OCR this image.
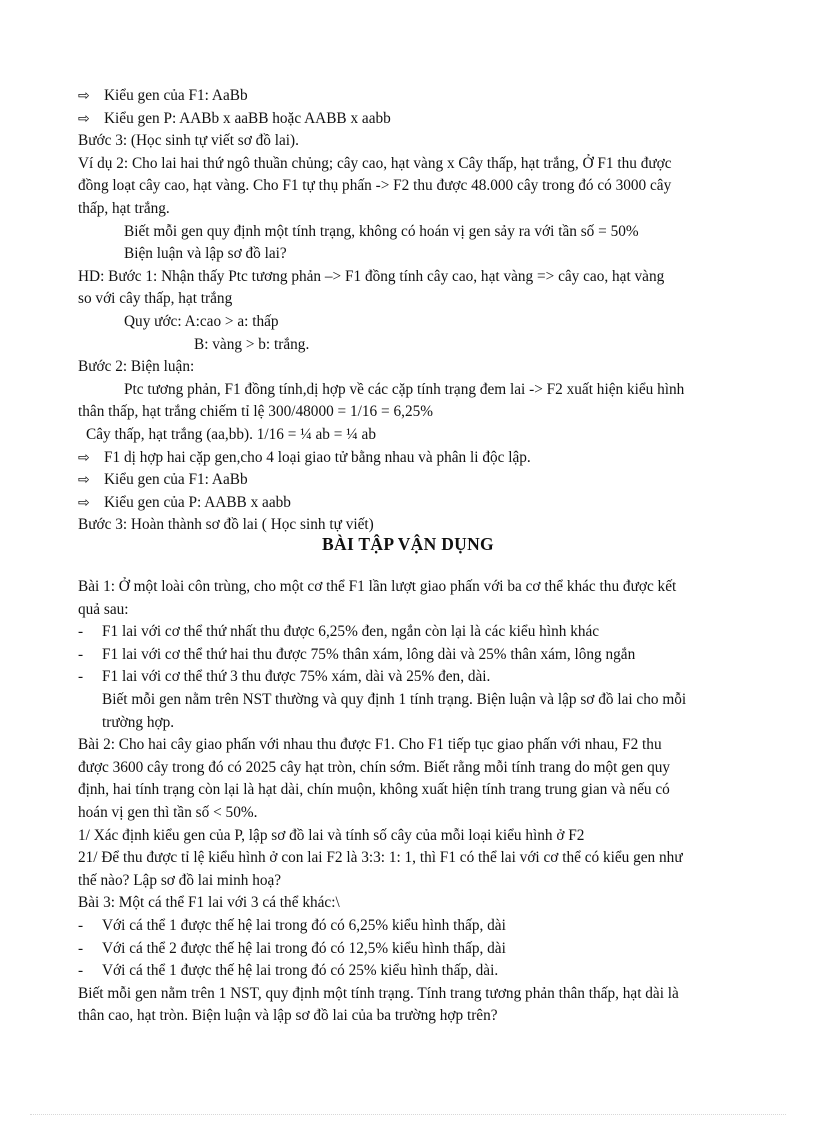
⇨ Kiểu gen của F1: AaBb
⇨ Kiểu gen P: AABb x aaBB hoặc AABB x aabb
Bước 3: (Học sinh tự viết sơ đồ lai).
Ví dụ 2: Cho lai hai thứ ngô thuần chủng; cây cao, hạt vàng x Cây thấp, hạt trắng, Ở F1 thu được
đồng loạt cây cao, hạt vàng. Cho F1 tự thụ phấn -> F2 thu được 48.000 cây trong đó có 3000 cây
thấp, hạt trắng.
Biết mỗi gen quy định một tính trạng, không có hoán vị gen sảy ra với tần số = 50%
Biện luận và lập sơ đồ lai?
HD: Bước 1: Nhận thấy Ptc tương phản –> F1 đồng tính cây cao, hạt vàng => cây cao, hạt vàng
so với cây thấp, hạt trắng
Quy ước: A:cao > a: thấp
B: vàng > b: trắng.
Bước 2: Biện luận:
Ptc tương phản, F1 đồng tính,dị hợp về các cặp tính trạng đem lai -> F2 xuất hiện kiểu hình
thân thấp, hạt trắng chiếm tỉ lệ 300/48000 = 1/16 = 6,25%
Cây thấp, hạt trắng (aa,bb). 1/16 = ¼ ab = ¼ ab
⇨ F1 dị hợp hai cặp gen,cho 4 loại giao tử bằng nhau và phân li độc lập.
⇨ Kiểu gen của F1: AaBb
⇨ Kiểu gen của P: AABB x aabb
Bước 3: Hoàn thành sơ đồ lai ( Học sinh tự viết)
BÀI TẬP VẬN DỤNG
Bài 1: Ở một loài côn trùng, cho một cơ thể F1 lần lượt giao phấn với ba cơ thể khác thu được kết
quả sau:
-	F1 lai với cơ thể thứ nhất thu được 6,25% đen, ngắn còn lại là các kiểu hình khác
-	F1 lai với cơ thể thứ hai thu được 75% thân xám, lông dài và 25% thân xám, lông ngắn
-	F1 lai với cơ thể thứ 3 thu được 75% xám, dài và 25% đen, dài.
Biết mỗi gen nằm trên NST thường và quy định 1 tính trạng. Biện luận và lập sơ đồ lai cho mỗi
trường hợp.
Bài 2: Cho hai cây giao phấn với nhau thu được F1. Cho F1 tiếp tục giao phấn với nhau, F2 thu
được 3600 cây trong đó có 2025 cây hạt tròn, chín sớm. Biết rằng mỗi tính trang do một gen quy
định, hai tính trạng còn lại là hạt dài, chín muộn, không xuất hiện tính trang trung gian và nếu có
hoán vị gen thì tần số < 50%.
1/ Xác định kiểu gen của P, lập sơ đồ lai và tính số cây của mỗi loại kiểu hình ở F2
21/ Để thu được tỉ lệ kiểu hình ở con lai F2 là 3:3: 1: 1, thì F1 có thể lai với cơ thể có kiểu gen như
thế nào? Lập sơ đồ lai minh hoạ?
Bài 3: Một cá thể F1 lai với 3 cá thể khác:\
-	Với cá thể 1 được thế hệ lai trong đó có 6,25% kiểu hình thấp, dài
-	Với cá thể 2 được thế hệ lai trong đó có 12,5% kiểu hình thấp, dài
-	Với cá thể 1 được thế hệ lai trong đó có 25% kiểu hình thấp, dài.
Biết mỗi gen nằm trên 1 NST, quy định một tính trạng. Tính trang tương phản thân thấp, hạt dài là
thân cao, hạt tròn. Biện luận và lập sơ đồ lai của ba trường hợp trên?
